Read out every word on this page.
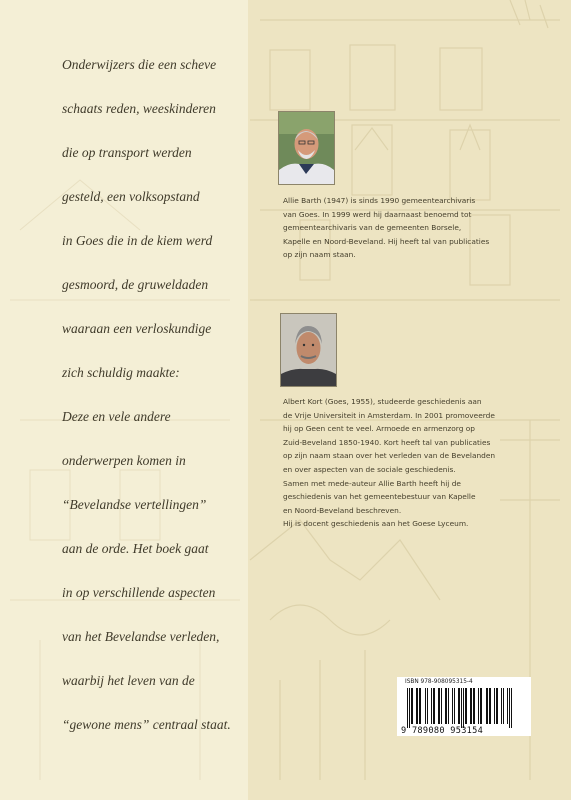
Onderwijzers die een scheve
schaats reden, weeskinderen
die op transport werden
gesteld, een volksopstand
in Goes die in de kiem werd
gesmoord, de gruweldaden
waaraan een verloskundige
zich schuldig maakte:
Deze en vele andere
onderwerpen komen in
“Bevelandse vertellingen”
aan de orde. Het boek gaat
in op verschillende aspecten
van het Bevelandse verleden,
waarbij het leven van de
“gewone mens” centraal staat.
Allie Barth (1947) is sinds 1990 gemeentearchivaris
van Goes. In 1999 werd hij daarnaast benoemd tot
gemeentearchivaris van de gemeenten Borsele,
Kapelle en Noord-Beveland. Hij heeft tal van publicaties
op zijn naam staan.
Albert Kort (Goes, 1955), studeerde geschiedenis aan
de Vrije Universiteit in Amsterdam. In 2001 promoveerde
hij op Geen cent te veel. Armoede en armenzorg op
Zuid-Beveland 1850-1940. Kort heeft tal van publicaties
op zijn naam staan over het verleden van de Bevelanden
en over aspecten van de sociale geschiedenis.
Samen met mede-auteur Allie Barth heeft hij de
geschiedenis van het gemeentebestuur van Kapelle
en Noord-Beveland beschreven.
Hij is docent geschiedenis aan het Goese Lyceum.
ISBN 978-908095315-4
9 789080 953154
